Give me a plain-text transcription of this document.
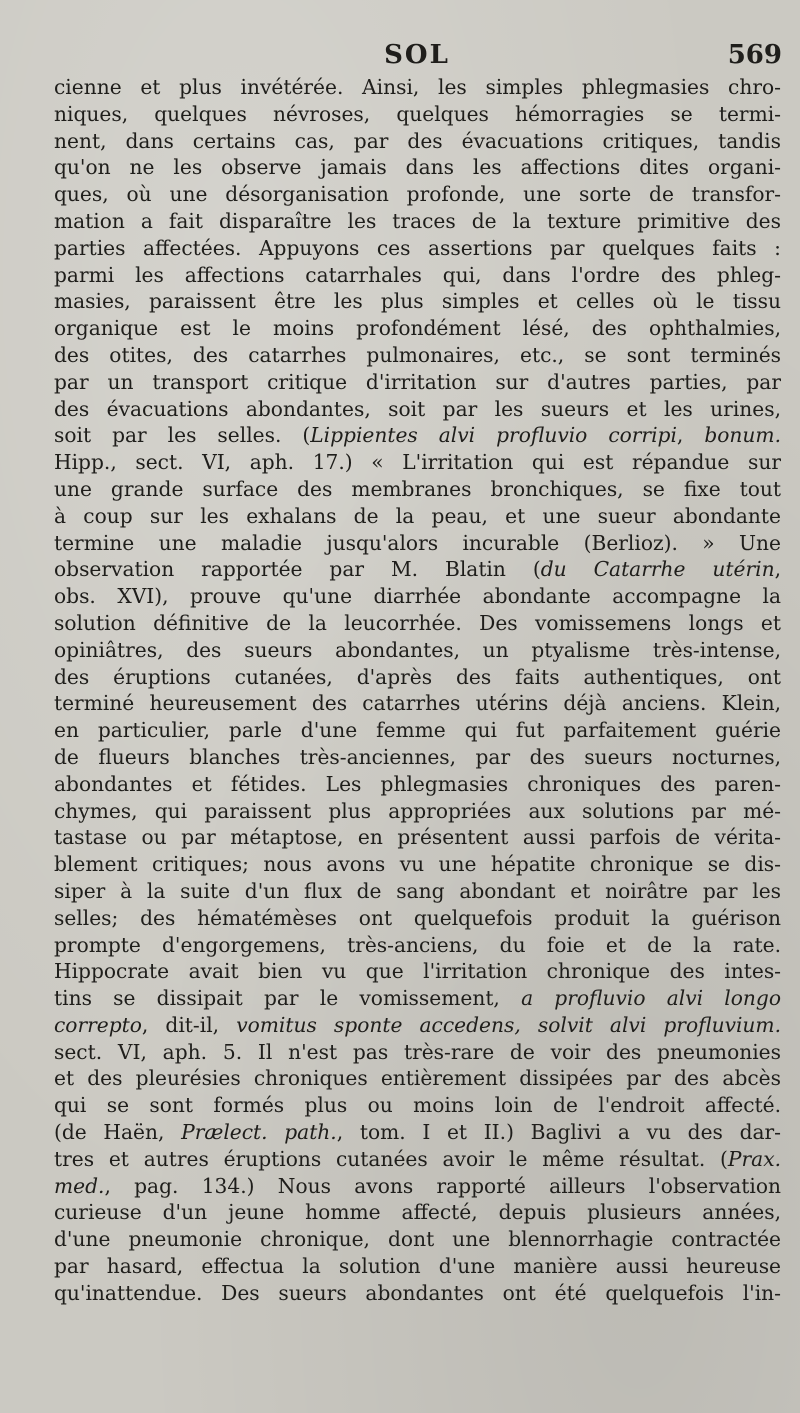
SOL	569
cienne et plus invétérée. Ainsi, les simples phlegmasies chro-
niques, quelques névroses, quelques hémorragies se termi-
nent, dans certains cas, par des évacuations critiques, tandis
qu'on ne les observe jamais dans les affections dites organi-
ques, où une désorganisation profonde, une sorte de transfor-
mation a fait disparaître les traces de la texture primitive des
parties affectées. Appuyons ces assertions par quelques faits :
parmi les affections catarrhales qui, dans l'ordre des phleg-
masies, paraissent être les plus simples et celles où le tissu
organique est le moins profondément lésé, des ophthalmies,
des otites, des catarrhes pulmonaires, etc., se sont terminés
par un transport critique d'irritation sur d'autres parties, par
des évacuations abondantes, soit par les sueurs et les urines,
soit par les selles. (Lippientes alvi profluvio corripi, bonum.
Hipp., sect. VI, aph. 17.) « L'irritation qui est répandue sur
une grande surface des membranes bronchiques, se fixe tout
à coup sur les exhalans de la peau, et une sueur abondante
termine une maladie jusqu'alors incurable (Berlioz). » Une
observation rapportée par M. Blatin (du Catarrhe utérin,
obs. XVI), prouve qu'une diarrhée abondante accompagne la
solution définitive de la leucorrhée. Des vomissemens longs et
opiniâtres, des sueurs abondantes, un ptyalisme très-intense,
des éruptions cutanées, d'après des faits authentiques, ont
terminé heureusement des catarrhes utérins déjà anciens. Klein,
en particulier, parle d'une femme qui fut parfaitement guérie
de flueurs blanches très-anciennes, par des sueurs nocturnes,
abondantes et fétides. Les phlegmasies chroniques des paren-
chymes, qui paraissent plus appropriées aux solutions par mé-
tastase ou par métaptose, en présentent aussi parfois de vérita-
blement critiques; nous avons vu une hépatite chronique se dis-
siper à la suite d'un flux de sang abondant et noirâtre par les
selles; des hématémèses ont quelquefois produit la guérison
prompte d'engorgemens, très-anciens, du foie et de la rate.
Hippocrate avait bien vu que l'irritation chronique des intes-
tins se dissipait par le vomissement, a profluvio alvi longo
correpto, dit-il, vomitus sponte accedens, solvit alvi profluvium.
sect. VI, aph. 5. Il n'est pas très-rare de voir des pneumonies
et des pleurésies chroniques entièrement dissipées par des abcès
qui se sont formés plus ou moins loin de l'endroit affecté.
(de Haën, Prælect. path., tom. I et II.) Baglivi a vu des dar-
tres et autres éruptions cutanées avoir le même résultat. (Prax.
med., pag. 134.) Nous avons rapporté ailleurs l'observation
curieuse d'un jeune homme affecté, depuis plusieurs années,
d'une pneumonie chronique, dont une blennorrhagie contractée
par hasard, effectua la solution d'une manière aussi heureuse
qu'inattendue. Des sueurs abondantes ont été quelquefois l'in-
